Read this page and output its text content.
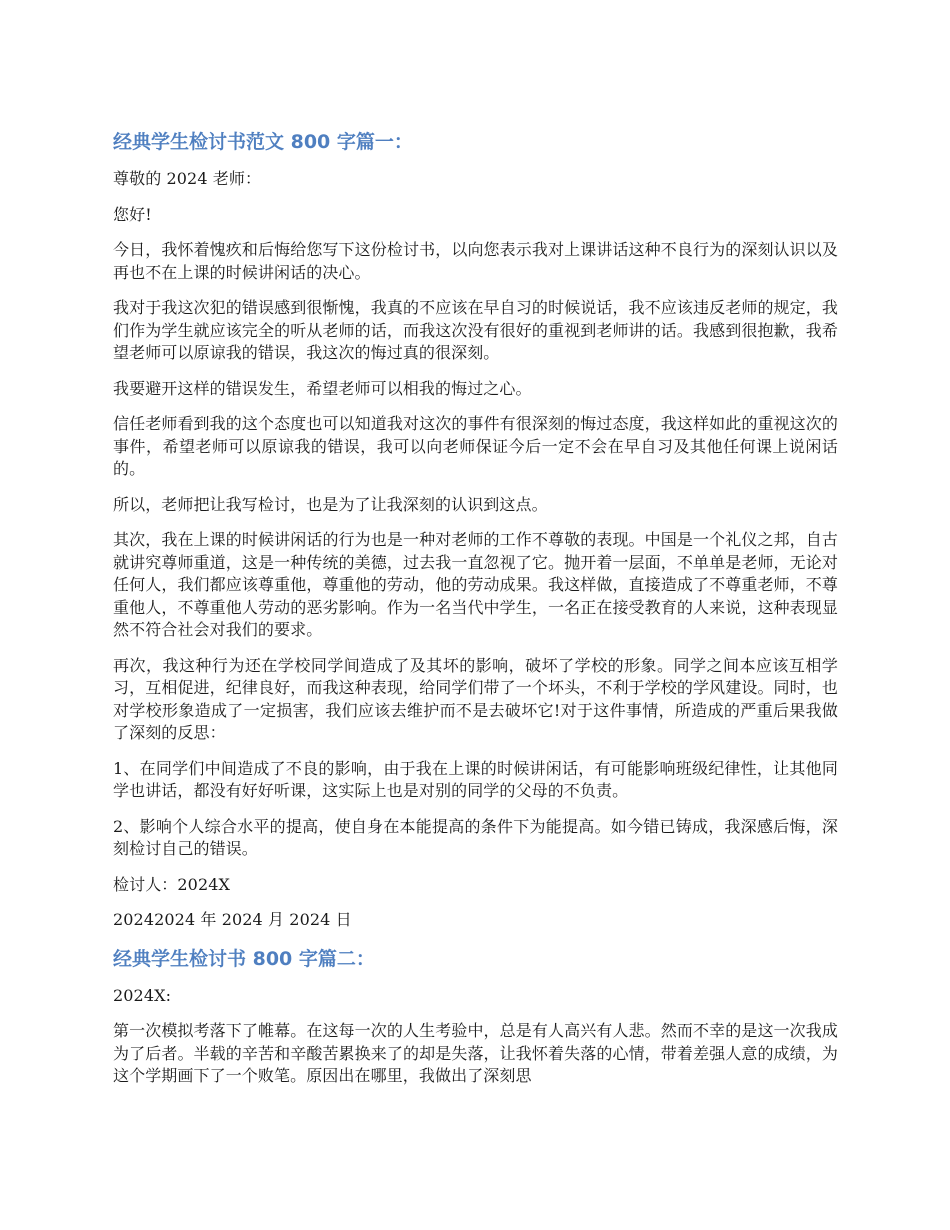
经典学生检讨书范文 800 字篇一：

尊敬的 2024 老师：

您好!

今日，我怀着愧疚和后悔给您写下这份检讨书，以向您表示我对上课讲话这种不良行为的深刻认识以及再也不在上课的时候讲闲话的决心。

我对于我这次犯的错误感到很惭愧，我真的不应该在早自习的时候说话，我不应该违反老师的规定，我们作为学生就应该完全的听从老师的话，而我这次没有很好的重视到老师讲的话。我感到很抱歉，我希望老师可以原谅我的错误，我这次的悔过真的很深刻。

我要避开这样的错误发生，希望老师可以相我的悔过之心。

信任老师看到我的这个态度也可以知道我对这次的事件有很深刻的悔过态度，我这样如此的重视这次的事件，希望老师可以原谅我的错误，我可以向老师保证今后一定不会在早自习及其他任何课上说闲话的。

所以，老师把让我写检讨，也是为了让我深刻的认识到这点。

其次，我在上课的时候讲闲话的行为也是一种对老师的工作不尊敬的表现。中国是一个礼仪之邦，自古就讲究尊师重道，这是一种传统的美德，过去我一直忽视了它。抛开着一层面，不单单是老师，无论对任何人，我们都应该尊重他，尊重他的劳动，他的劳动成果。我这样做，直接造成了不尊重老师，不尊重他人，不尊重他人劳动的恶劣影响。作为一名当代中学生，一名正在接受教育的人来说，这种表现显然不符合社会对我们的要求。

再次，我这种行为还在学校同学间造成了及其坏的影响，破坏了学校的形象。同学之间本应该互相学习，互相促进，纪律良好，而我这种表现，给同学们带了一个坏头，不利于学校的学风建设。同时，也对学校形象造成了一定损害，我们应该去维护而不是去破坏它!对于这件事情，所造成的严重后果我做了深刻的反思：

1、在同学们中间造成了不良的影响，由于我在上课的时候讲闲话，有可能影响班级纪律性，让其他同学也讲话，都没有好好听课，这实际上也是对别的同学的父母的不负责。

2、影响个人综合水平的提高，使自身在本能提高的条件下为能提高。如今错已铸成，我深感后悔，深刻检讨自己的错误。

检讨人：2024X

20242024 年 2024 月 2024 日

经典学生检讨书 800 字篇二：

2024X:

第一次模拟考落下了帷幕。在这每一次的人生考验中，总是有人高兴有人悲。然而不幸的是这一次我成为了后者。半载的辛苦和辛酸苦累换来了的却是失落，让我怀着失落的心情，带着差强人意的成绩，为这个学期画下了一个败笔。原因出在哪里，我做出了深刻思
